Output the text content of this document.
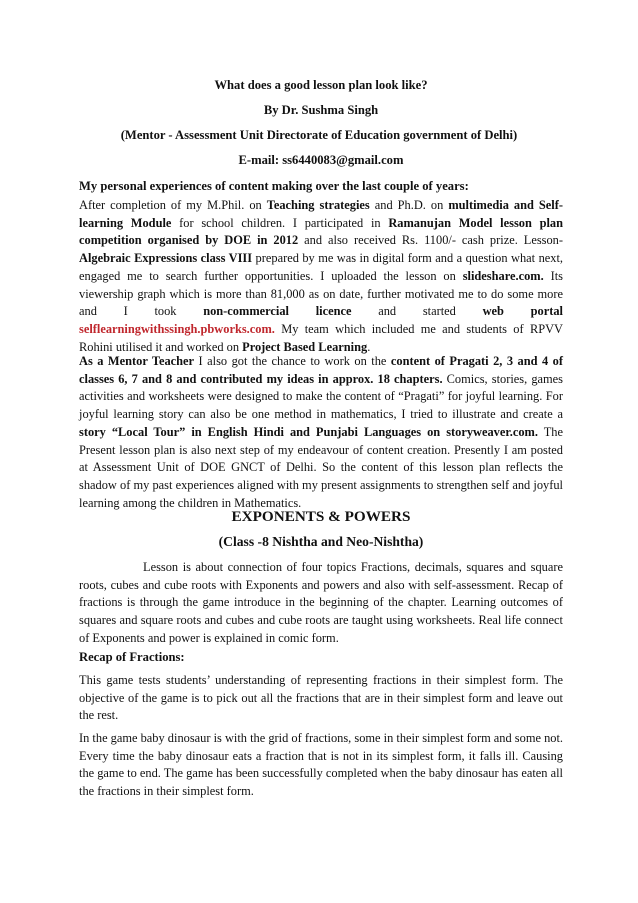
What does a good lesson plan look like?
By Dr. Sushma Singh
(Mentor - Assessment Unit Directorate of Education government of Delhi)
E-mail: ss6440083@gmail.com
My personal experiences of content making over the last couple of years:

After completion of my M.Phil. on Teaching strategies and Ph.D. on multimedia and Self-learning Module for school children. I participated in Ramanujan Model lesson plan competition organised by DOE in 2012 and also received Rs. 1100/- cash prize. Lesson- Algebraic Expressions class VIII prepared by me was in digital form and a question what next, engaged me to search further opportunities. I uploaded the lesson on slideshare.com. Its viewership graph which is more than 81,000 as on date, further motivated me to do some more and I took non-commercial licence and started web portal selflearningwithssingh.pbworks.com. My team which included me and students of RPVV Rohini utilised it and worked on Project Based Learning.

As a Mentor Teacher I also got the chance to work on the content of Pragati 2, 3 and 4 of classes 6, 7 and 8 and contributed my ideas in approx. 18 chapters. Comics, stories, games activities and worksheets were designed to make the content of “Pragati” for joyful learning. For joyful learning story can also be one method in mathematics, I tried to illustrate and create a story “Local Tour” in English Hindi and Punjabi Languages on storyweaver.com. The Present lesson plan is also next step of my endeavour of content creation. Presently I am posted at Assessment Unit of DOE GNCT of Delhi. So the content of this lesson plan reflects the shadow of my past experiences aligned with my present assignments to strengthen self and joyful learning among the children in Mathematics.

EXPONENTS & POWERS
(Class -8 Nishtha and Neo-Nishtha)

Lesson is about connection of four topics Fractions, decimals, squares and square roots, cubes and cube roots with Exponents and powers and also with self-assessment. Recap of fractions is through the game introduce in the beginning of the chapter. Learning outcomes of squares and square roots and cubes and cube roots are taught using worksheets. Real life connect of Exponents and power is explained in comic form.

Recap of Fractions:

This game tests students’ understanding of representing fractions in their simplest form. The objective of the game is to pick out all the fractions that are in their simplest form and leave out the rest.

In the game baby dinosaur is with the grid of fractions, some in their simplest form and some not. Every time the baby dinosaur eats a fraction that is not in its simplest form, it falls ill. Causing the game to end. The game has been successfully completed when the baby dinosaur has eaten all the fractions in their simplest form.
